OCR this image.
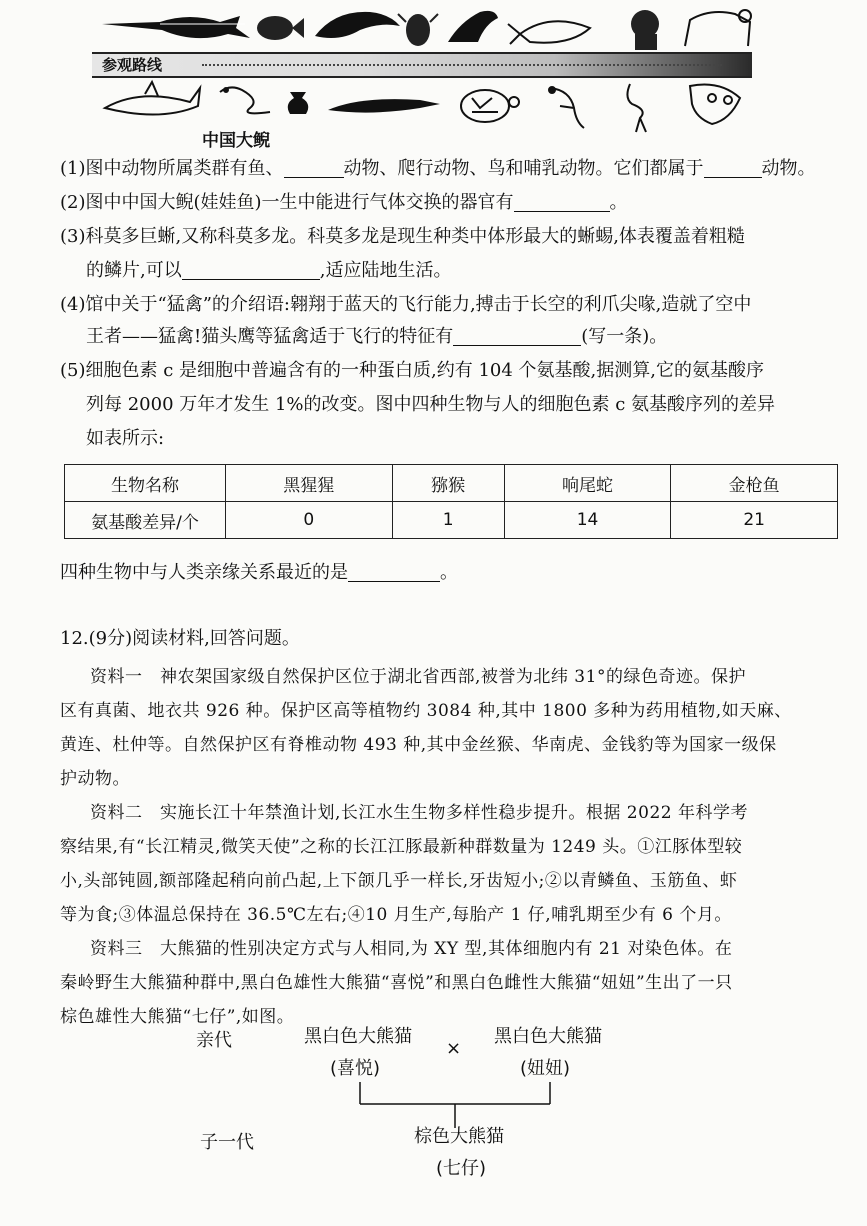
参观路线
中国大鲵
(1)图中动物所属类群有鱼、	动物、爬行动物、鸟和哺乳动物。它们都属于	动物。
(2)图中中国大鲵(娃娃鱼)一生中能进行气体交换的器官有	。
(3)科莫多巨蜥,又称科莫多龙。科莫多龙是现生种类中体形最大的蜥蜴,体表覆盖着粗糙
的鳞片,可以	,适应陆地生活。
(4)馆中关于“猛禽”的介绍语:翱翔于蓝天的飞行能力,搏击于长空的利爪尖喙,造就了空中
王者——猛禽!猫头鹰等猛禽适于飞行的特征有	(写一条)。
(5)细胞色素 c 是细胞中普遍含有的一种蛋白质,约有 104 个氨基酸,据测算,它的氨基酸序
列每 2000 万年才发生 1%的改变。图中四种生物与人的细胞色素 c 氨基酸序列的差异
如表所示:
生物名称	黑猩猩	猕猴	响尾蛇	金枪鱼
氨基酸差异/个	0	1	14	21
四种生物中与人类亲缘关系最近的是	。
12.(9分)阅读材料,回答问题。
资料一　神农架国家级自然保护区位于湖北省西部,被誉为北纬 31°的绿色奇迹。保护
区有真菌、地衣共 926 种。保护区高等植物约 3084 种,其中 1800 多种为药用植物,如天麻、
黄连、杜仲等。自然保护区有脊椎动物 493 种,其中金丝猴、华南虎、金钱豹等为国家一级保
护动物。
资料二　实施长江十年禁渔计划,长江水生生物多样性稳步提升。根据 2022 年科学考
察结果,有“长江精灵,微笑天使”之称的长江江豚最新种群数量为 1249 头。①江豚体型较
小,头部钝圆,额部隆起稍向前凸起,上下颌几乎一样长,牙齿短小;②以青鳞鱼、玉筋鱼、虾
等为食;③体温总保持在 36.5℃左右;④10 月生产,每胎产 1 仔,哺乳期至少有 6 个月。
资料三　大熊猫的性别决定方式与人相同,为 XY 型,其体细胞内有 21 对染色体。在
秦岭野生大熊猫种群中,黑白色雄性大熊猫“喜悦”和黑白色雌性大熊猫“妞妞”生出了一只
棕色雄性大熊猫“七仔”,如图。
亲代	黑白色大熊猫
(喜悦)
×
黑白色大熊猫
(妞妞)
子一代	棕色大熊猫
(七仔)
